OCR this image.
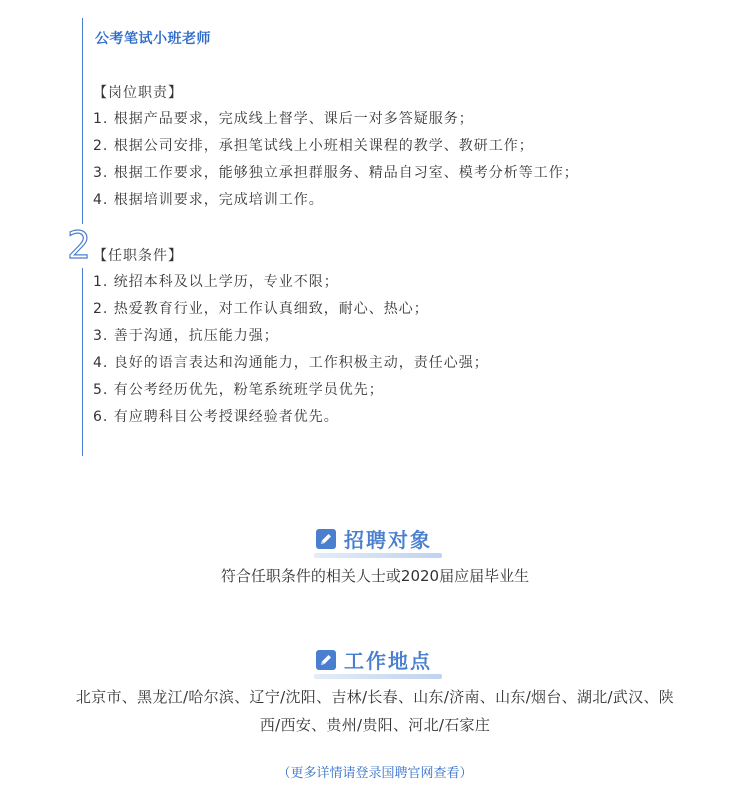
2
公考笔试小班老师
【岗位职责】
1. 根据产品要求，完成线上督学、课后一对多答疑服务；
2. 根据公司安排，承担笔试线上小班相关课程的教学、教研工作；
3. 根据工作要求，能够独立承担群服务、精品自习室、模考分析等工作；
4. 根据培训要求，完成培训工作。
【任职条件】
1. 统招本科及以上学历，专业不限；
2. 热爱教育行业，对工作认真细致，耐心、热心；
3. 善于沟通，抗压能力强；
4. 良好的语言表达和沟通能力，工作积极主动，责任心强；
5. 有公考经历优先，粉笔系统班学员优先；
6. 有应聘科目公考授课经验者优先。
招聘对象
符合任职条件的相关人士或2020届应届毕业生
工作地点
北京市、黑龙江/哈尔滨、辽宁/沈阳、吉林/长春、山东/济南、山东/烟台、湖北/武汉、陕
西/西安、贵州/贵阳、河北/石家庄
（更多详情请登录国聘官网查看）
